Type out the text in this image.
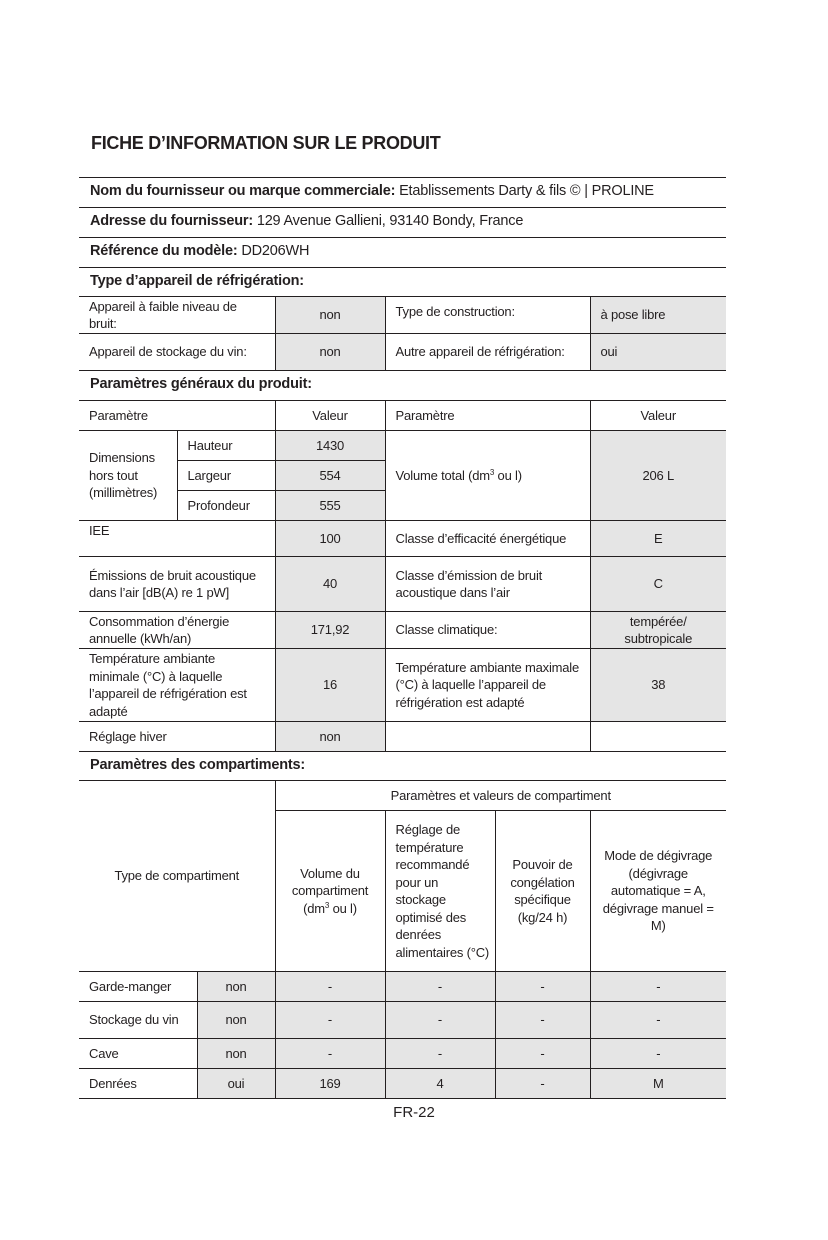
FICHE D’INFORMATION SUR LE PRODUIT
Nom du fournisseur ou marque commerciale: Etablissements Darty & fils © | PROLINE
Adresse du fournisseur: 129 Avenue Gallieni, 93140 Bondy, France
Référence du modèle: DD206WH
Type d’appareil de réfrigération:
Appareil à faible niveau de bruit:	non	Type de construction:	à pose libre
Appareil de stockage du vin:	non	Autre appareil de réfrigération:	oui
Paramètres généraux du produit:
Paramètre		Valeur	Paramètre	Valeur
Dimensions hors tout (millimètres)	Hauteur	1430	Volume total ($dm^3$ ou l)	206 L
	Largeur	554		
	Profondeur	555		
IEE		100	Classe d’efficacité énergétique	E
Émissions de bruit acoustique dans l’air [dB(A) re 1 pW]		40	Classe d’émission de bruit acoustique dans l’air	C
Consommation d’énergie annuelle (kWh/an)		171,92	Classe climatique:	tempérée/ subtropicale
Température ambiante minimale (°C) à laquelle l’appareil de réfrigération est adapté		16	Température ambiante maximale (°C) à laquelle l’appareil de réfrigération est adapté	38
Réglage hiver		non		
Paramètres des compartiments:
Type de compartiment		Paramètres et valeurs de compartiment			
		Volume du compartiment ($dm^3$ ou l)	Réglage de température recommandé pour un stockage optimisé des denrées alimentaires (°C)	Pouvoir de congélation spécifique (kg/24 h)	Mode de dégivrage (dégivrage automatique = A, dégivrage manuel = M)
Garde-manger	non	-	-	-	-
Stockage du vin	non	-	-	-	-
Cave	non	-	-	-	-
Denrées	oui	169	4	-	M
FR-22
